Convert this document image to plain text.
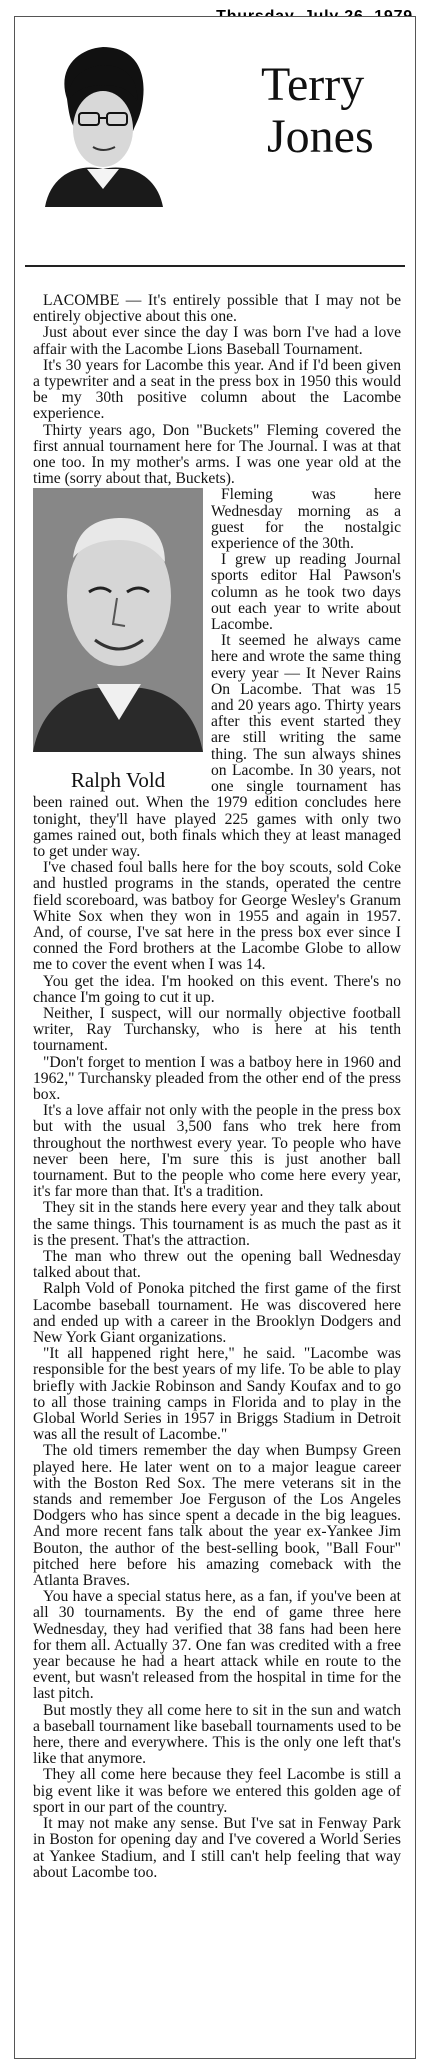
Terry
Jones

LACOMBE — It's entirely possible that I may not be entirely objective about this one.

Just about ever since the day I was born I've had a love affair with the Lacombe Lions Baseball Tournament.

It's 30 years for Lacombe this year. And if I'd been given a typewriter and a seat in the press box in 1950 this would be my 30th positive column about the Lacombe experience.

Thirty years ago, Don "Buckets" Fleming covered the first annual tournament here for The Journal. I was at that one too. In my mother's arms. I was one year old at the time (sorry about that, Buckets).

Ralph Vold

Fleming was here Wednesday morning as a guest for the nostalgic experience of the 30th.

I grew up reading Journal sports editor Hal Pawson's column as he took two days out each year to write about Lacombe.

It seemed he always came here and wrote the same thing every year — It Never Rains On Lacombe. That was 15 and 20 years ago. Thirty years after this event started they are still writing the same thing. The sun always shines on Lacombe. In 30 years, not one single tournament has been rained out. When the 1979 edition concludes here tonight, they'll have played 225 games with only two games rained out, both finals which they at least managed to get under way.

I've chased foul balls here for the boy scouts, sold Coke and hustled programs in the stands, operated the centre field scoreboard, was batboy for George Wesley's Granum White Sox when they won in 1955 and again in 1957. And, of course, I've sat here in the press box ever since I conned the Ford brothers at the Lacombe Globe to allow me to cover the event when I was 14.

You get the idea. I'm hooked on this event. There's no chance I'm going to cut it up.

Neither, I suspect, will our normally objective football writer, Ray Turchansky, who is here at his tenth tournament.

"Don't forget to mention I was a batboy here in 1960 and 1962," Turchansky pleaded from the other end of the press box.

It's a love affair not only with the people in the press box but with the usual 3,500 fans who trek here from throughout the northwest every year. To people who have never been here, I'm sure this is just another ball tournament. But to the people who come here every year, it's far more than that. It's a tradition.

They sit in the stands here every year and they talk about the same things. This tournament is as much the past as it is the present. That's the attraction.

The man who threw out the opening ball Wednesday talked about that.

Ralph Vold of Ponoka pitched the first game of the first Lacombe baseball tournament. He was discovered here and ended up with a career in the Brooklyn Dodgers and New York Giant organizations.

"It all happened right here," he said. "Lacombe was responsible for the best years of my life. To be able to play briefly with Jackie Robinson and Sandy Koufax and to go to all those training camps in Florida and to play in the Global World Series in 1957 in Briggs Stadium in Detroit was all the result of Lacombe."

The old timers remember the day when Bumpsy Green played here. He later went on to a major league career with the Boston Red Sox. The mere veterans sit in the stands and remember Joe Ferguson of the Los Angeles Dodgers who has since spent a decade in the big leagues. And more recent fans talk about the year ex-Yankee Jim Bouton, the author of the best-selling book, "Ball Four" pitched here before his amazing comeback with the Atlanta Braves.

You have a special status here, as a fan, if you've been at all 30 tournaments. By the end of game three here Wednesday, they had verified that 38 fans had been here for them all. Actually 37. One fan was credited with a free year because he had a heart attack while en route to the event, but wasn't released from the hospital in time for the last pitch.

But mostly they all come here to sit in the sun and watch a baseball tournament like baseball tournaments used to be here, there and everywhere. This is the only one left that's like that anymore.

They all come here because they feel Lacombe is still a big event like it was before we entered this golden age of sport in our part of the country.

It may not make any sense. But I've sat in Fenway Park in Boston for opening day and I've covered a World Series at Yankee Stadium, and I still can't help feeling that way about Lacombe too.
